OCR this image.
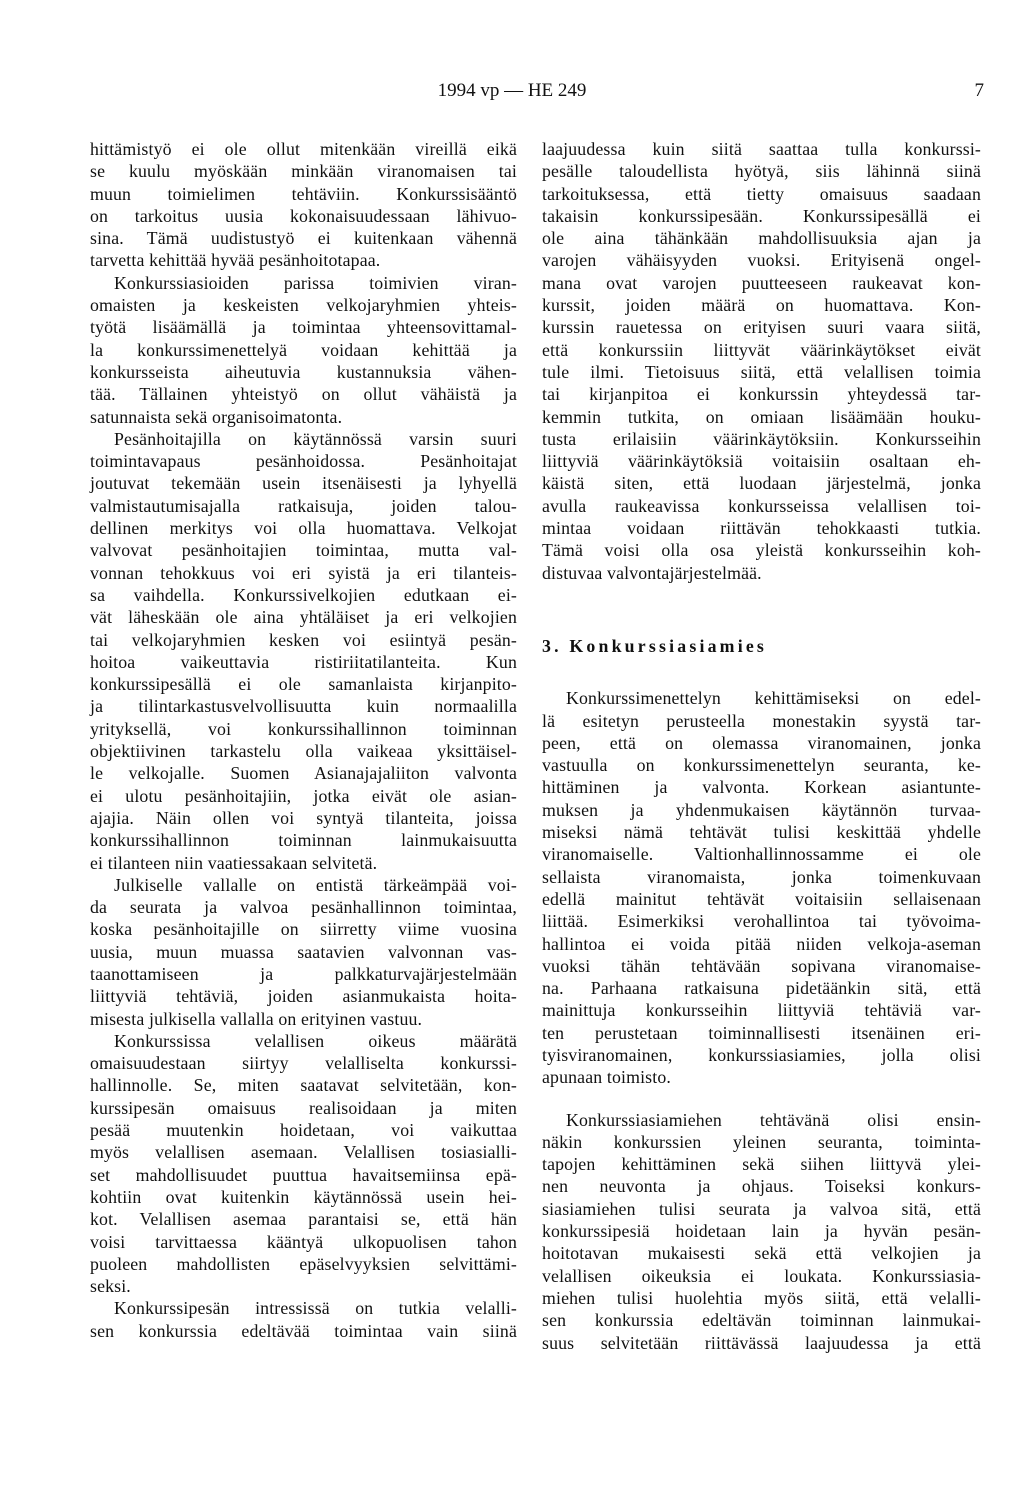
1994 vp — HE 249	7
hittämistyö ei ole ollut mitenkään vireillä eikä
se kuulu myöskään minkään viranomaisen tai
muun toimielimen tehtäviin. Konkurssisääntö
on tarkoitus uusia kokonaisuudessaan lähivuo-
sina. Tämä uudistustyö ei kuitenkaan vähennä
tarvetta kehittää hyvää pesänhoitotapaa.
Konkurssiasioiden parissa toimivien viran-
omaisten ja keskeisten velkojaryhmien yhteis-
työtä lisäämällä ja toimintaa yhteensovittamal-
la konkurssimenettelyä voidaan kehittää ja
konkursseista aiheutuvia kustannuksia vähen-
tää. Tällainen yhteistyö on ollut vähäistä ja
satunnaista sekä organisoimatonta.
Pesänhoitajilla on käytännössä varsin suuri
toimintavapaus pesänhoidossa. Pesänhoitajat
joutuvat tekemään usein itsenäisesti ja lyhyellä
valmistautumisajalla ratkaisuja, joiden talou-
dellinen merkitys voi olla huomattava. Velkojat
valvovat pesänhoitajien toimintaa, mutta val-
vonnan tehokkuus voi eri syistä ja eri tilanteis-
sa vaihdella. Konkurssivelkojien edutkaan ei-
vät läheskään ole aina yhtäläiset ja eri velkojien
tai velkojaryhmien kesken voi esiintyä pesän-
hoitoa vaikeuttavia ristiriitatilanteita. Kun
konkurssipesällä ei ole samanlaista kirjanpito-
ja tilintarkastusvelvollisuutta kuin normaalilla
yrityksellä, voi konkurssihallinnon toiminnan
objektiivinen tarkastelu olla vaikeaa yksittäisel-
le velkojalle. Suomen Asianajajaliiton valvonta
ei ulotu pesänhoitajiin, jotka eivät ole asian-
ajajia. Näin ollen voi syntyä tilanteita, joissa
konkurssihallinnon toiminnan lainmukaisuutta
ei tilanteen niin vaatiessakaan selvitetä.
Julkiselle vallalle on entistä tärkeämpää voi-
da seurata ja valvoa pesänhallinnon toimintaa,
koska pesänhoitajille on siirretty viime vuosina
uusia, muun muassa saatavien valvonnan vas-
taanottamiseen ja palkkaturvajärjestelmään
liittyviä tehtäviä, joiden asianmukaista hoita-
misesta julkisella vallalla on erityinen vastuu.
Konkurssissa velallisen oikeus määrätä
omaisuudestaan siirtyy velalliselta konkurssi-
hallinnolle. Se, miten saatavat selvitetään, kon-
kurssipesän omaisuus realisoidaan ja miten
pesää muutenkin hoidetaan, voi vaikuttaa
myös velallisen asemaan. Velallisen tosiasialli-
set mahdollisuudet puuttua havaitsemiinsa epä-
kohtiin ovat kuitenkin käytännössä usein hei-
kot. Velallisen asemaa parantaisi se, että hän
voisi tarvittaessa kääntyä ulkopuolisen tahon
puoleen mahdollisten epäselvyyksien selvittämi-
seksi.
Konkurssipesän intressissä on tutkia velalli-
sen konkurssia edeltävää toimintaa vain siinä
laajuudessa kuin siitä saattaa tulla konkurssi-
pesälle taloudellista hyötyä, siis lähinnä siinä
tarkoituksessa, että tietty omaisuus saadaan
takaisin konkurssipesään. Konkurssipesällä ei
ole aina tähänkään mahdollisuuksia ajan ja
varojen vähäisyyden vuoksi. Erityisenä ongel-
mana ovat varojen puutteeseen raukeavat kon-
kurssit, joiden määrä on huomattava. Kon-
kurssin rauetessa on erityisen suuri vaara siitä,
että konkurssiin liittyvät väärinkäytökset eivät
tule ilmi. Tietoisuus siitä, että velallisen toimia
tai kirjanpitoa ei konkurssin yhteydessä tar-
kemmin tutkita, on omiaan lisäämään houku-
tusta erilaisiin väärinkäytöksiin. Konkursseihin
liittyviä väärinkäytöksiä voitaisiin osaltaan eh-
käistä siten, että luodaan järjestelmä, jonka
avulla raukeavissa konkursseissa velallisen toi-
mintaa voidaan riittävän tehokkaasti tutkia.
Tämä voisi olla osa yleistä konkursseihin koh-
distuvaa valvontajärjestelmää.
3. Konkurssiasiamies
Konkurssimenettelyn kehittämiseksi on edel-
lä esitetyn perusteella monestakin syystä tar-
peen, että on olemassa viranomainen, jonka
vastuulla on konkurssimenettelyn seuranta, ke-
hittäminen ja valvonta. Korkean asiantunte-
muksen ja yhdenmukaisen käytännön turvaa-
miseksi nämä tehtävät tulisi keskittää yhdelle
viranomaiselle. Valtionhallinnossamme ei ole
sellaista viranomaista, jonka toimenkuvaan
edellä mainitut tehtävät voitaisiin sellaisenaan
liittää. Esimerkiksi verohallintoa tai työvoima-
hallintoa ei voida pitää niiden velkoja-aseman
vuoksi tähän tehtävään sopivana viranomaise-
na. Parhaana ratkaisuna pidetäänkin sitä, että
mainittuja konkursseihin liittyviä tehtäviä var-
ten perustetaan toiminnallisesti itsenäinen eri-
tyisviranomainen, konkurssiasiamies, jolla olisi
apunaan toimisto.
Konkurssiasiamiehen tehtävänä olisi ensin-
näkin konkurssien yleinen seuranta, toiminta-
tapojen kehittäminen sekä siihen liittyvä ylei-
nen neuvonta ja ohjaus. Toiseksi konkurs-
siasiamiehen tulisi seurata ja valvoa sitä, että
konkurssipesiä hoidetaan lain ja hyvän pesän-
hoitotavan mukaisesti sekä että velkojien ja
velallisen oikeuksia ei loukata. Konkurssiasia-
miehen tulisi huolehtia myös siitä, että velalli-
sen konkurssia edeltävän toiminnan lainmukai-
suus selvitetään riittävässä laajuudessa ja että
